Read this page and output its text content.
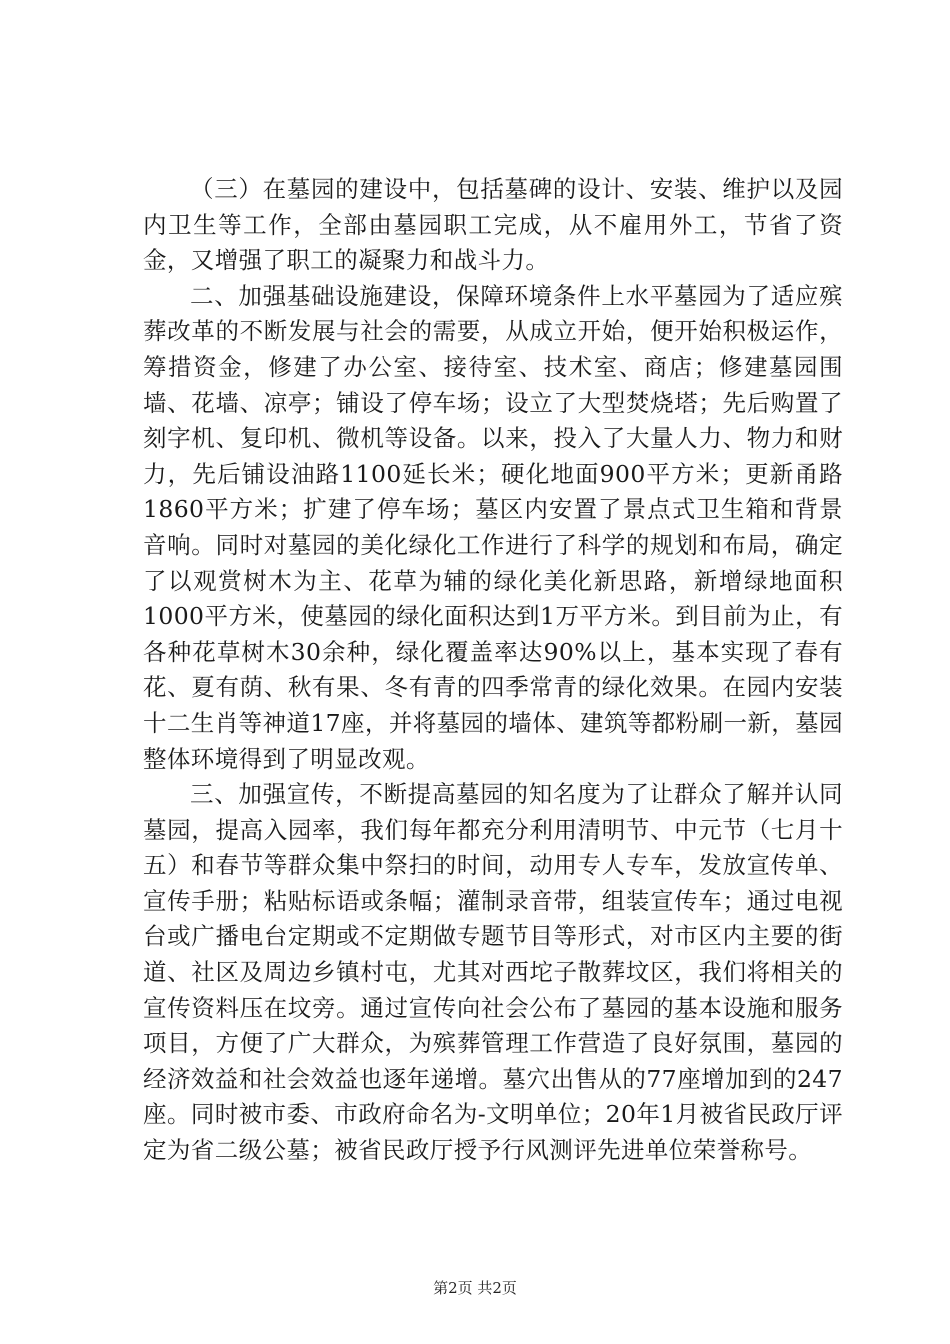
（三）在墓园的建设中，包括墓碑的设计、安装、维护以及园内卫生等工作，全部由墓园职工完成，从不雇用外工，节省了资金，又增强了职工的凝聚力和战斗力。

二、加强基础设施建设，保障环境条件上水平墓园为了适应殡葬改革的不断发展与社会的需要，从成立开始，便开始积极运作，筹措资金，修建了办公室、接待室、技术室、商店；修建墓园围墙、花墙、凉亭；铺设了停车场；设立了大型焚烧塔；先后购置了刻字机、复印机、微机等设备。以来，投入了大量人力、物力和财力，先后铺设油路1100延长米；硬化地面900平方米；更新甬路1860平方米；扩建了停车场；墓区内安置了景点式卫生箱和背景音响。同时对墓园的美化绿化工作进行了科学的规划和布局，确定了以观赏树木为主、花草为辅的绿化美化新思路，新增绿地面积1000平方米，使墓园的绿化面积达到1万平方米。到目前为止，有各种花草树木30余种，绿化覆盖率达90%以上，基本实现了春有花、夏有荫、秋有果、冬有青的四季常青的绿化效果。在园内安装十二生肖等神道17座，并将墓园的墙体、建筑等都粉刷一新，墓园整体环境得到了明显改观。

三、加强宣传，不断提高墓园的知名度为了让群众了解并认同墓园，提高入园率，我们每年都充分利用清明节、中元节（七月十五）和春节等群众集中祭扫的时间，动用专人专车，发放宣传单、宣传手册；粘贴标语或条幅；灌制录音带，组装宣传车；通过电视台或广播电台定期或不定期做专题节目等形式，对市区内主要的街道、社区及周边乡镇村屯，尤其对西坨子散葬坟区，我们将相关的宣传资料压在坟旁。通过宣传向社会公布了墓园的基本设施和服务项目，方便了广大群众，为殡葬管理工作营造了良好氛围，墓园的经济效益和社会效益也逐年递增。墓穴出售从的77座增加到的247座。同时被市委、市政府命名为-文明单位；20年1月被省民政厅评定为省二级公墓；被省民政厅授予行风测评先进单位荣誉称号。

第2页 共2页
